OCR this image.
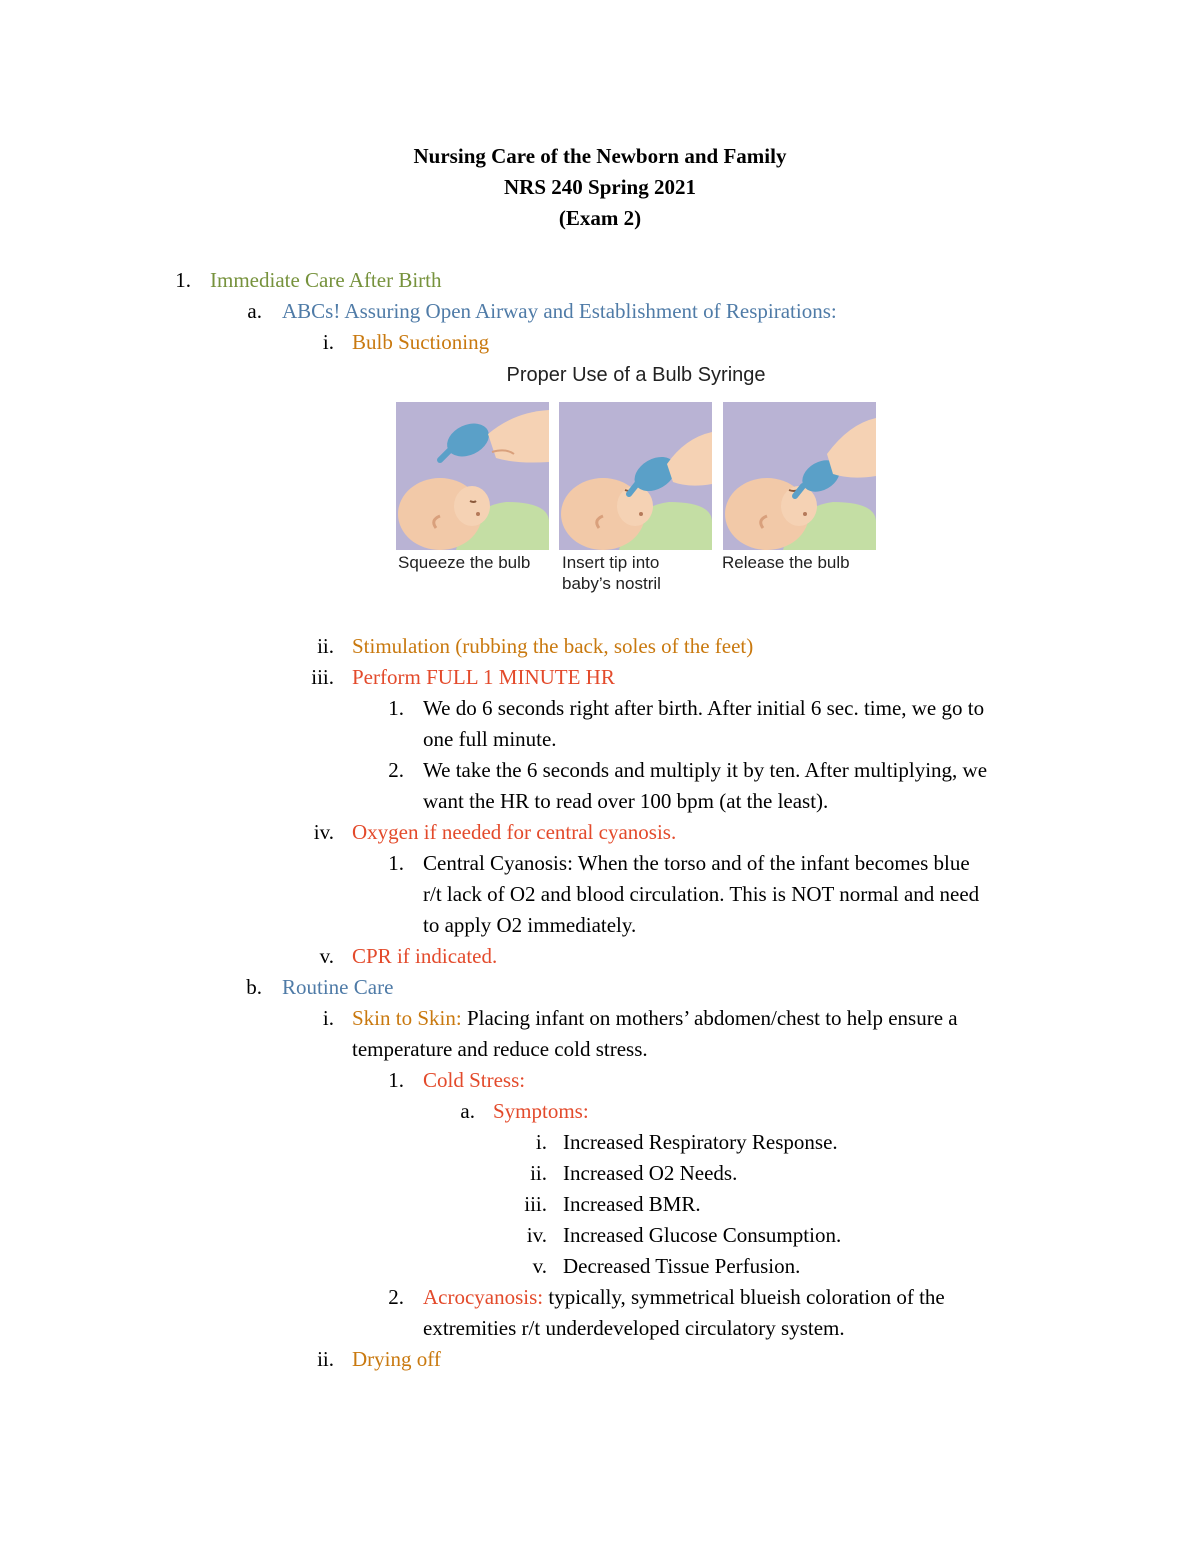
Nursing Care of the Newborn and Family
NRS 240 Spring 2021
(Exam 2)
1. Immediate Care After Birth
a. ABCs! Assuring Open Airway and Establishment of Respirations:
i. Bulb Suctioning
Proper Use of a Bulb Syringe
Squeeze the bulb Insert tip into
baby’s nostril
Release the bulb
ii. Stimulation (rubbing the back, soles of the feet)
iii. Perform FULL 1 MINUTE HR
1. We do 6 seconds right after birth. After initial 6 sec. time, we go to
one full minute.
2. We take the 6 seconds and multiply it by ten. After multiplying, we
want the HR to read over 100 bpm (at the least).
iv. Oxygen if needed for central cyanosis.
1. Central Cyanosis: When the torso and of the infant becomes blue
r/t lack of O2 and blood circulation. This is NOT normal and need
to apply O2 immediately.
v. CPR if indicated.
b. Routine Care
i. Skin to Skin: Placing infant on mothers’ abdomen/chest to help ensure a
temperature and reduce cold stress.
1. Cold Stress:
a. Symptoms:
i. Increased Respiratory Response.
ii. Increased O2 Needs.
iii. Increased BMR.
iv. Increased Glucose Consumption.
v. Decreased Tissue Perfusion.
2. Acrocyanosis: typically, symmetrical blueish coloration of the
extremities r/t underdeveloped circulatory system.
ii. Drying off
